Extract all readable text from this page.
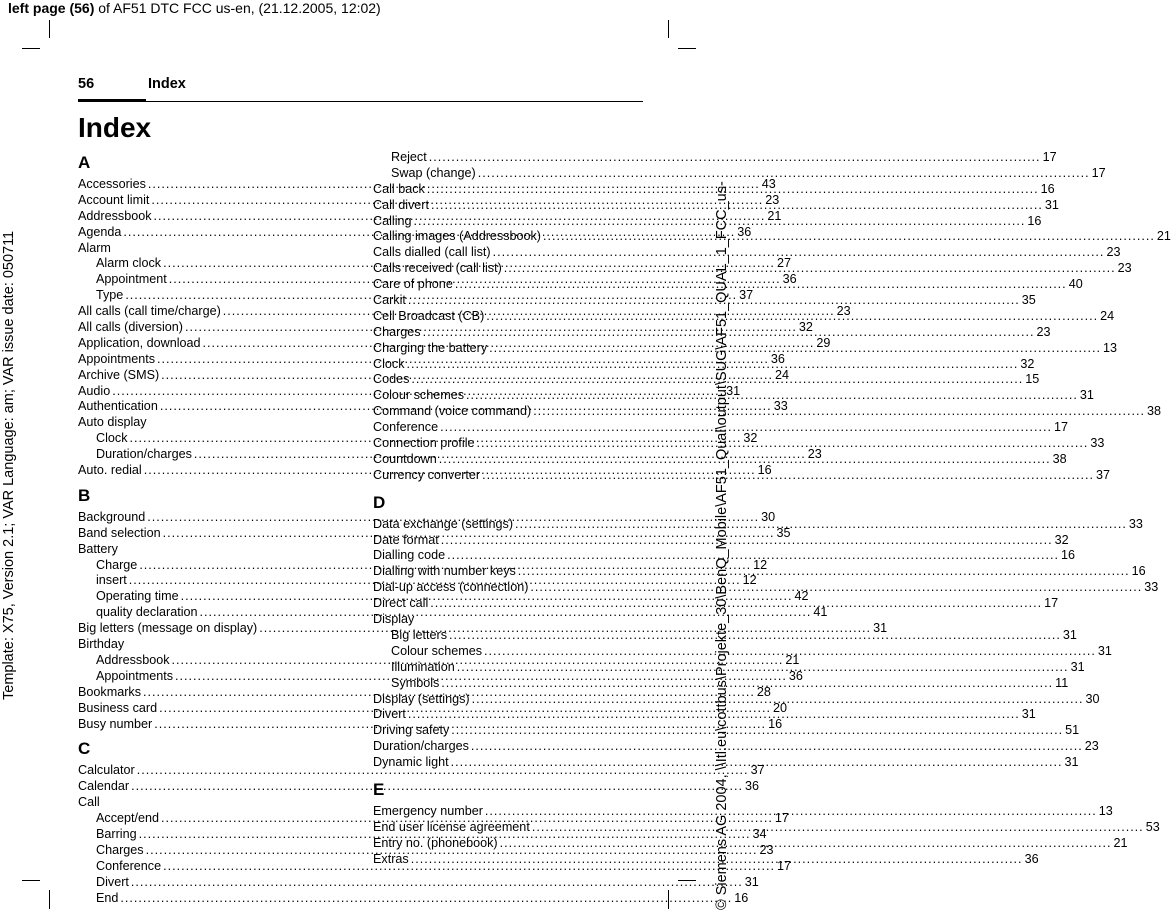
left page (56) of AF51 DTC FCC us-en, (21.12.2005, 12:02)
Template: X75, Version 2.1; VAR Language: am; VAR issue date: 050711	© Siemens AG 2004, \\Itl.eu\cottbus\Projekte_30\BenQ_Mobile\AF51_Qual\output\SUG\AF51_QUAL_1_FCC_us-
56	Index
Index
A
Accessories .....	43
Account limit .....	23
Addressbook .....	21
Agenda .....	36
Alarm
Alarm clock .....	27
Appointment .....	36
Type .....	37
All calls (call time/charge) .....	23
All calls (diversion) .....	32
Application, download .....	29
Appointments .....	36
Archive (SMS) .....	24
Audio .....	31
Authentication .....	33
Auto display
Clock .....	32
Duration/charges .....	23
Auto. redial .....	16
B
Background .....	30
Band selection .....	35
Battery
Charge .....	12
insert .....	12
Operating time .....	42
quality declaration .....	41
Big letters (message on display) .....	31
Birthday
Addressbook .....	21
Appointments .....	36
Bookmarks .....	28
Business card .....	20
Busy number .....	16
C
Calculator .....	37
Calendar .....	36
Call
Accept/end .....	17
Barring .....	34
Charges .....	23
Conference .....	17
Divert .....	31
End .....	16
Reject .....	17
Swap (change) .....	17
Call back .....	16
Call divert .....	31
Calling .....	16
Calling images (Addressbook) .....	21
Calls dialled (call list) .....	23
Calls received (call list) .....	23
Care of phone .....	40
Carkit .....	35
Cell Broadcast (CB) .....	24
Charges .....	23
Charging the battery .....	13
Clock .....	32
Codes .....	15
Colour schemes .....	31
Command (voice command) .....	38
Conference .....	17
Connection profile .....	33
Countdown .....	38
Currency converter .....	37
D
Data exchange (settings) .....	33
Date format .....	32
Dialling code .....	16
Dialling with number keys .....	16
Dial-up access (connection) .....	33
Direct call .....	17
Display
Big letters .....	31
Colour schemes .....	31
Illumination .....	31
Symbols .....	11
Display (settings) .....	30
Divert .....	31
Driving safety .....	51
Duration/charges .....	23
Dynamic light .....	31
E
Emergency number .....	13
End user license agreement .....	53
Entry no. (phonebook) .....	21
Extras .....	36
